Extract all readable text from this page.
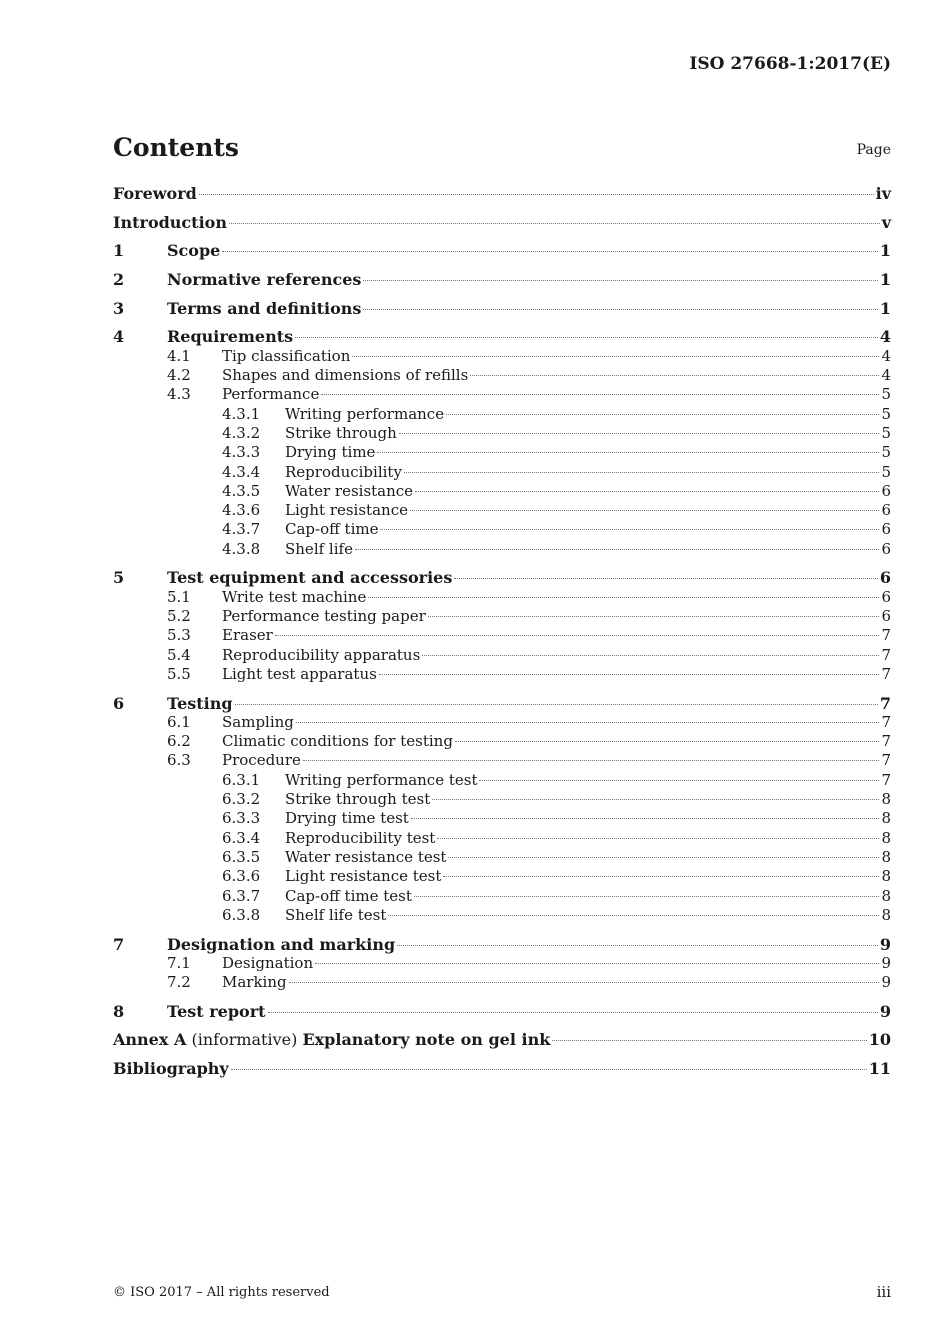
ISO 27668-1:2017(E)
Contents	Page
Foreword	iv
Introduction	v
1	Scope	1
2	Normative references	1
3	Terms and definitions	1
4	Requirements	4
4.1	Tip classification	4
4.2	Shapes and dimensions of refills	4
4.3	Performance	5
4.3.1	Writing performance	5
4.3.2	Strike through	5
4.3.3	Drying time	5
4.3.4	Reproducibility	5
4.3.5	Water resistance	6
4.3.6	Light resistance	6
4.3.7	Cap-off time	6
4.3.8	Shelf life	6
5	Test equipment and accessories	6
5.1	Write test machine	6
5.2	Performance testing paper	6
5.3	Eraser	7
5.4	Reproducibility apparatus	7
5.5	Light test apparatus	7
6	Testing	7
6.1	Sampling	7
6.2	Climatic conditions for testing	7
6.3	Procedure	7
6.3.1	Writing performance test	7
6.3.2	Strike through test	8
6.3.3	Drying time test	8
6.3.4	Reproducibility test	8
6.3.5	Water resistance test	8
6.3.6	Light resistance test	8
6.3.7	Cap-off time test	8
6.3.8	Shelf life test	8
7	Designation and marking	9
7.1	Designation	9
7.2	Marking	9
8	Test report	9
Annex A (informative) Explanatory note on gel ink	10
Bibliography	11
© ISO 2017 – All rights reserved	iii
